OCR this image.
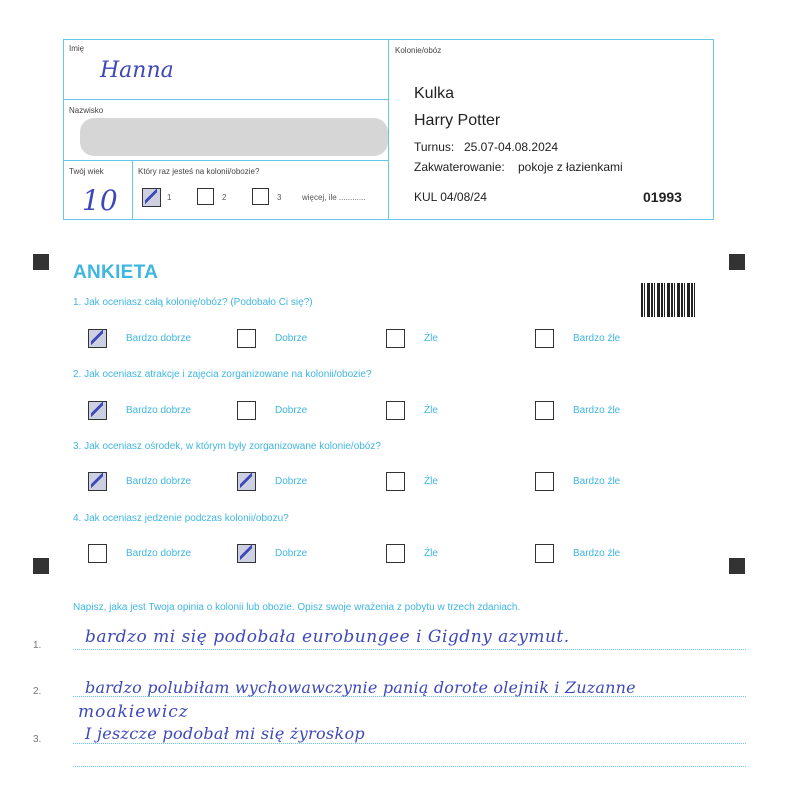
Imię
Hanna
Nazwisko
Twój wiek
10
Który raz jesteś na kolonii/obozie?
1	2	3	więcej, ile ............
Kolonie/obóz
Kulka
Harry Potter
Turnus: 25.07-04.08.2024
Zakwaterowanie: pokoje z łazienkami
KUL 04/08/24	01993
ANKIETA
1. Jak oceniasz całą kolonię/obóz? (Podobało Ci się?)
2. Jak oceniasz atrakcje i zajęcia zorganizowane na kolonii/obozie?
3. Jak oceniasz ośrodek, w którym były zorganizowane kolonie/obóz?
4. Jak oceniasz jedzenie podczas kolonii/obozu?
Bardzo dobrze	Dobrze	Źle	Bardzo źle
Bardzo dobrze	Dobrze	Źle	Bardzo źle
Bardzo dobrze	Dobrze	Źle	Bardzo źle
Bardzo dobrze	Dobrze	Źle	Bardzo źle
Napisz, jaka jest Twoja opinia o kolonii lub obozie. Opisz swoje wrażenia z pobytu w trzech zdaniach.
1.
2.
3.
bardzo mi się podobała eurobungee i Gigdny azymut.
bardzo polubiłam wychowawczynie panią dorote olejnik i Zuzanne
moakiewicz
I jeszcze podobał mi się żyroskop
